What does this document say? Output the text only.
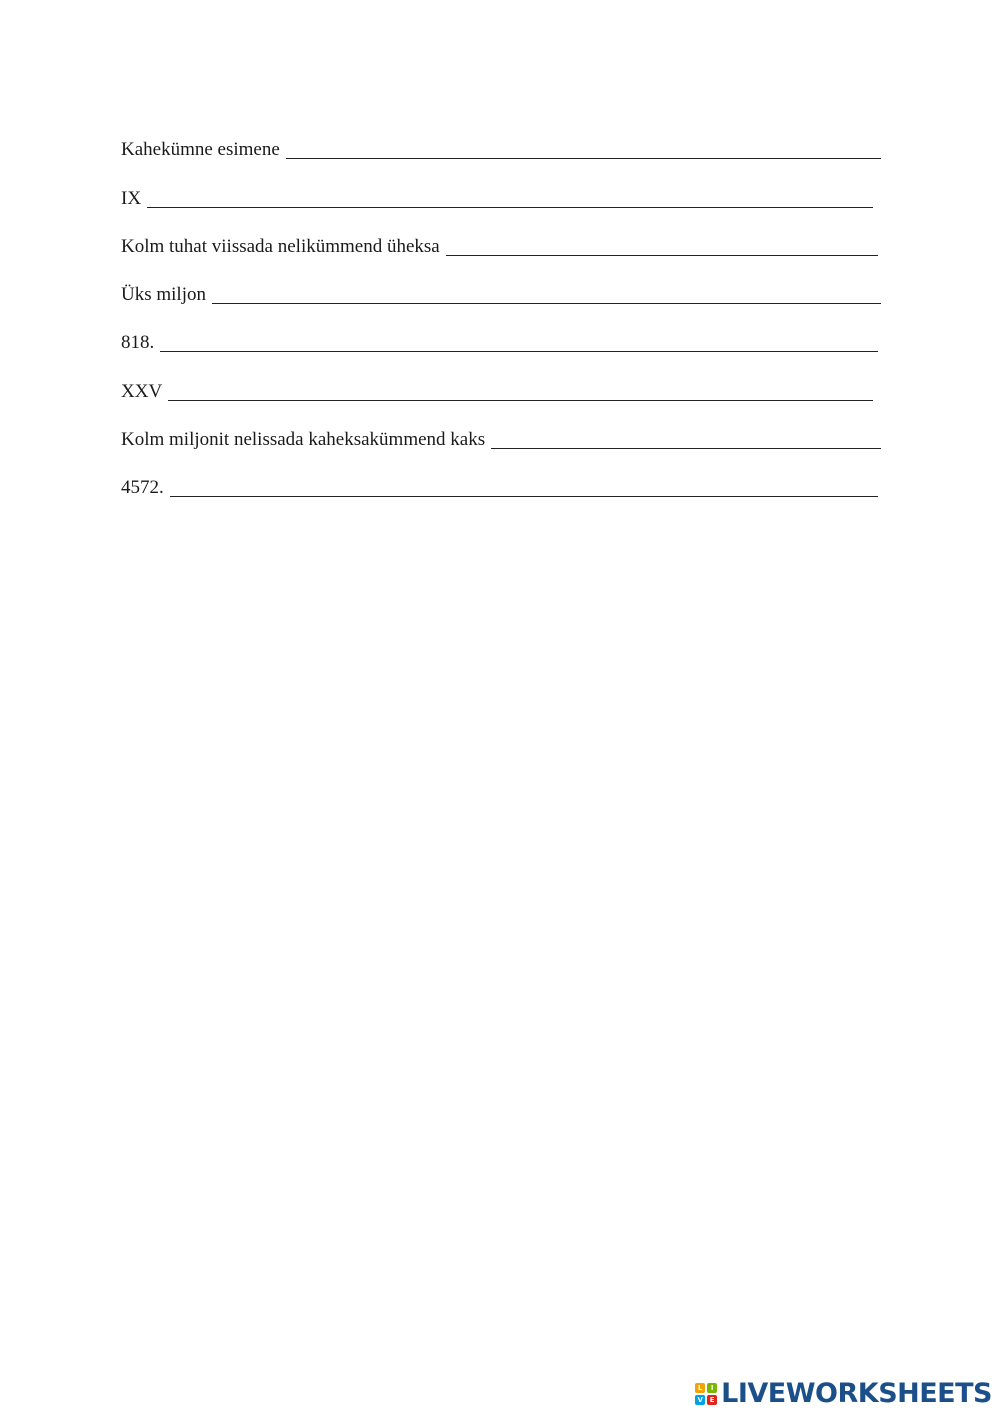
Kahekümne esimene
IX
Kolm tuhat viissada nelikümmend üheksa
Üks miljon
818.
XXV
Kolm miljonit nelissada kaheksakümmend kaks
4572.
L	I
V E LIVEWORKSHEETS
